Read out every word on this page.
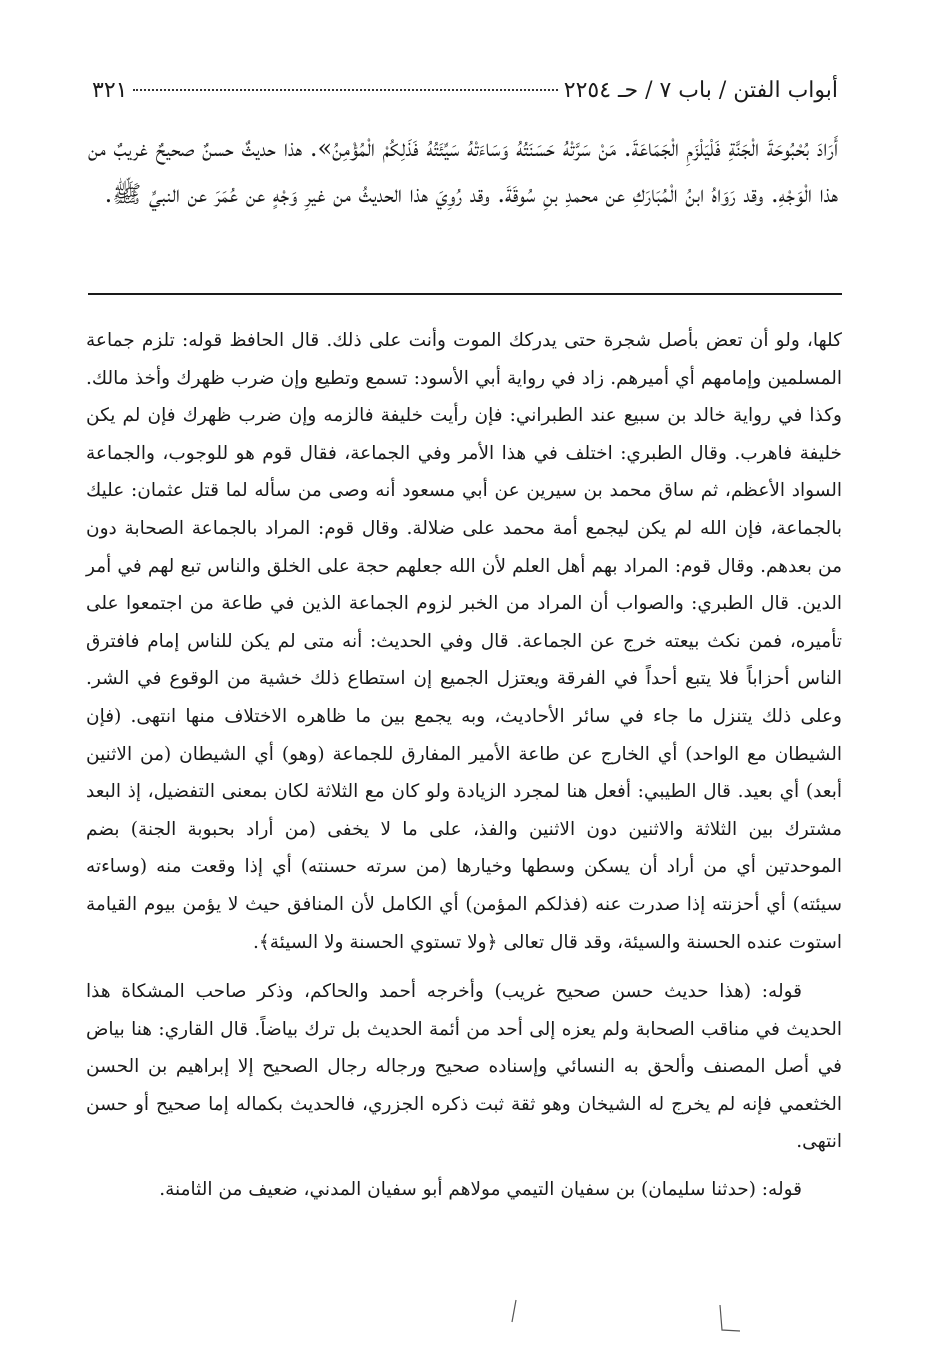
أبواب الفتن / باب ٧ / حـ ٢٢٥٤
٣٢١

أَرَادَ بُحْبُوحَةَ الْجَنَّةِ فَلْيَلْزَمِ الْجَمَاعَةَ. مَنْ سَرَّتْهُ حَسَنَتُهُ وَسَاءَتْهُ سَيِّئَتُهُ فَذَلِكُمْ الْمُؤْمِنُ». هذا حديثٌ حسنٌ صحيحٌ غريبٌ من هذا الْوَجْهِ. وقد رَوَاهُ ابنُ الْمُبَارَكِ عن محمدِ بنِ سُوقَةَ. وقد رُوِيَ هذا الحديثُ من غيرِ وَجْهٍ عن عُمَرَ عن النبيِّ ﷺ.

كلها، ولو أن تعض بأصل شجرة حتى يدركك الموت وأنت على ذلك. قال الحافظ قوله: تلزم جماعة المسلمين وإمامهم أي أميرهم. زاد في رواية أبي الأسود: تسمع وتطيع وإن ضرب ظهرك وأخذ مالك. وكذا في رواية خالد بن سبيع عند الطبراني: فإن رأيت خليفة فالزمه وإن ضرب ظهرك فإن لم يكن خليفة فاهرب. وقال الطبري: اختلف في هذا الأمر وفي الجماعة، فقال قوم هو للوجوب، والجماعة السواد الأعظم، ثم ساق محمد بن سيرين عن أبي مسعود أنه وصى من سأله لما قتل عثمان: عليك بالجماعة، فإن الله لم يكن ليجمع أمة محمد على ضلالة. وقال قوم: المراد بالجماعة الصحابة دون من بعدهم. وقال قوم: المراد بهم أهل العلم لأن الله جعلهم حجة على الخلق والناس تبع لهم في أمر الدين. قال الطبري: والصواب أن المراد من الخبر لزوم الجماعة الذين في طاعة من اجتمعوا على تأميره، فمن نكث بيعته خرج عن الجماعة. قال وفي الحديث: أنه متى لم يكن للناس إمام فافترق الناس أحزاباً فلا يتبع أحداً في الفرقة ويعتزل الجميع إن استطاع ذلك خشية من الوقوع في الشر. وعلى ذلك يتنزل ما جاء في سائر الأحاديث، وبه يجمع بين ما ظاهره الاختلاف منها انتهى. (فإن الشيطان مع الواحد) أي الخارج عن طاعة الأمير المفارق للجماعة (وهو) أي الشيطان (من الاثنين أبعد) أي بعيد. قال الطيبي: أفعل هنا لمجرد الزيادة ولو كان مع الثلاثة لكان بمعنى التفضيل، إذ البعد مشترك بين الثلاثة والاثنين دون الاثنين والفذ، على ما لا يخفى (من أراد بحبوبة الجنة) بضم الموحدتين أي من أراد أن يسكن وسطها وخيارها (من سرته حسنته) أي إذا وقعت منه (وساءته سيئته) أي أحزنته إذا صدرت عنه (فذلكم المؤمن) أي الكامل لأن المنافق حيث لا يؤمن بيوم القيامة استوت عنده الحسنة والسيئة، وقد قال تعالى ﴿ولا تستوي الحسنة ولا السيئة﴾.

قوله: (هذا حديث حسن صحيح غريب) وأخرجه أحمد والحاكم، وذكر صاحب المشكاة هذا الحديث في مناقب الصحابة ولم يعزه إلى أحد من أئمة الحديث بل ترك بياضاً. قال القاري: هنا بياض في أصل المصنف وألحق به النسائي وإسناده صحيح ورجاله رجال الصحيح إلا إبراهيم بن الحسن الخثعمي فإنه لم يخرج له الشيخان وهو ثقة ثبت ذكره الجزري، فالحديث بكماله إما صحيح أو حسن انتهى.

قوله: (حدثنا سليمان) بن سفيان التيمي مولاهم أبو سفيان المدني، ضعيف من الثامنة.
